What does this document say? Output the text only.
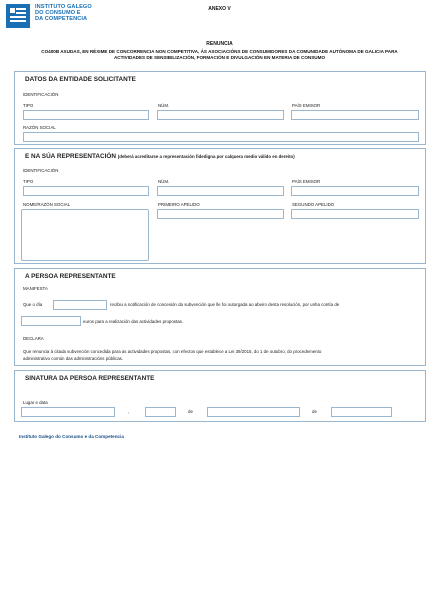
INSTITUTO GALEGO
DO CONSUMO E
DA COMPETENCIA
ANEXO V
RENUNCIA
CO400B AXUDAS, EN RÉXIME DE CONCORRENCIA NON COMPETITIVA, ÁS ASOCIACIÓNS DE CONSUMIDORES DA COMUNIDADE AUTÓNOMA DE GALICIA PARA
ACTIVIDADES DE SENSIBILIZACIÓN, FORMACIÓN E DIVULGACIÓN EN MATERIA DE CONSUMO
DATOS DA ENTIDADE SOLICITANTE
IDENTIFICACIÓN
TIPO	NÚM.	PAÍS EMISOR
RAZÓN SOCIAL
E NA SÚA REPRESENTACIÓN (deberá acreditarse a representación fidedigna por calquera medio válido en dereito)
IDENTIFICACIÓN
TIPO	NÚM.	PAÍS EMISOR
NOME/RAZÓN SOCIAL	PRIMEIRO APELIDO	SEGUNDO APELIDO
A PERSOA REPRESENTANTE
MANIFESTA
Que o día	recibiu a notificación de concesión da subvención que lle foi outorgada ao abeiro desta resolución, por unha contía de
euros para a realización das actividades propostas.
DECLARA
Que renuncia á citada subvención concedida para as actividades propostas, con efectos que establece a Lei 39/2015, do 1 de outubro, do procedemento
administrativo común das administracións públicas.
SINATURA DA PERSOA REPRESENTANTE
Lugar e data
,	de	de
Instituto Galego do Consumo e da Competencia
